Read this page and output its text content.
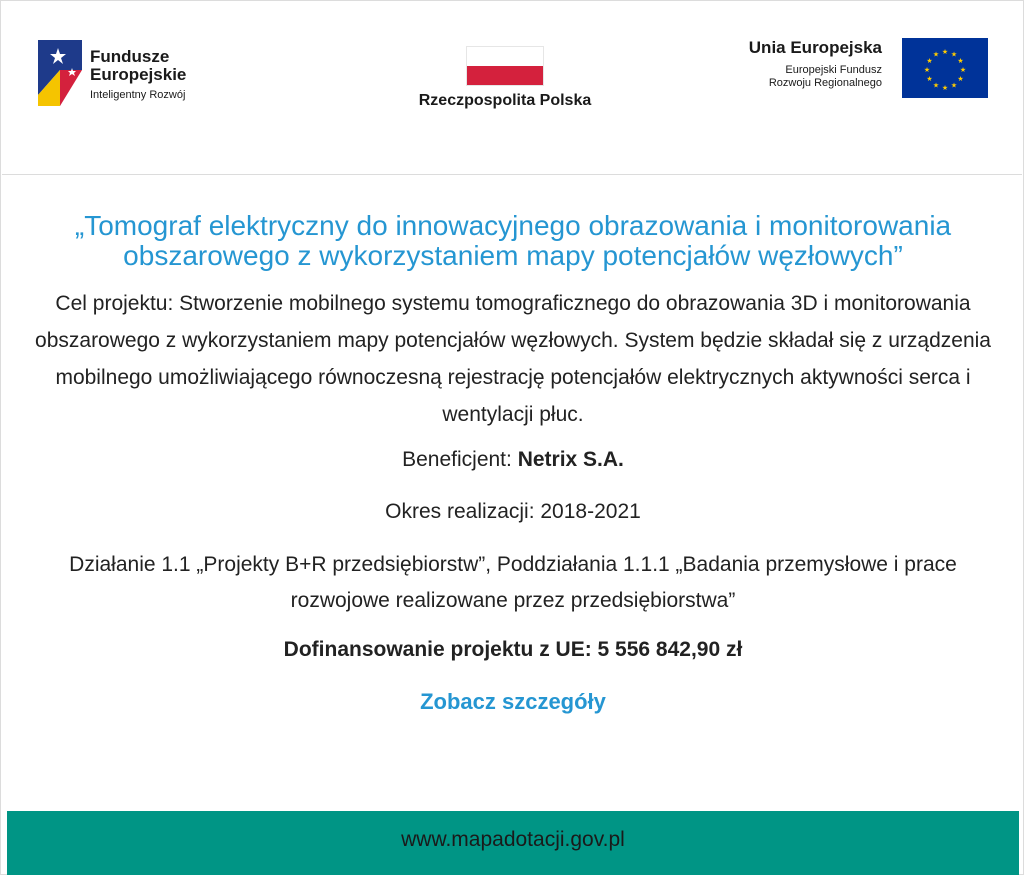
Fundusze
Europejskie
Inteligentny Rozwój	Rzeczpospolita Polska
Unia Europejska
Europejski Fundusz
Rozwoju Regionalnego
★ ★
★
★
★
★
★
★
★
★
★
★
„Tomograf elektryczny do innowacyjnego obrazowania i monitorowania obszarowego z wykorzystaniem mapy potencjałów węzłowych”
Cel projektu: Stworzenie mobilnego systemu tomograficznego do obrazowania 3D i monitorowania obszarowego z wykorzystaniem mapy potencjałów węzłowych. System będzie składał się z urządzenia mobilnego umożliwiającego równoczesną rejestrację potencjałów elektrycznych aktywności serca i wentylacji płuc.
Beneficjent: Netrix S.A.
Okres realizacji: 2018-2021
Działanie 1.1 „Projekty B+R przedsiębiorstw”, Poddziałania 1.1.1 „Badania przemysłowe i prace rozwojowe realizowane przez przedsiębiorstwa”
Dofinansowanie projektu z UE: 5 556 842,90 zł
Zobacz szczegóły
www.mapadotacji.gov.pl
